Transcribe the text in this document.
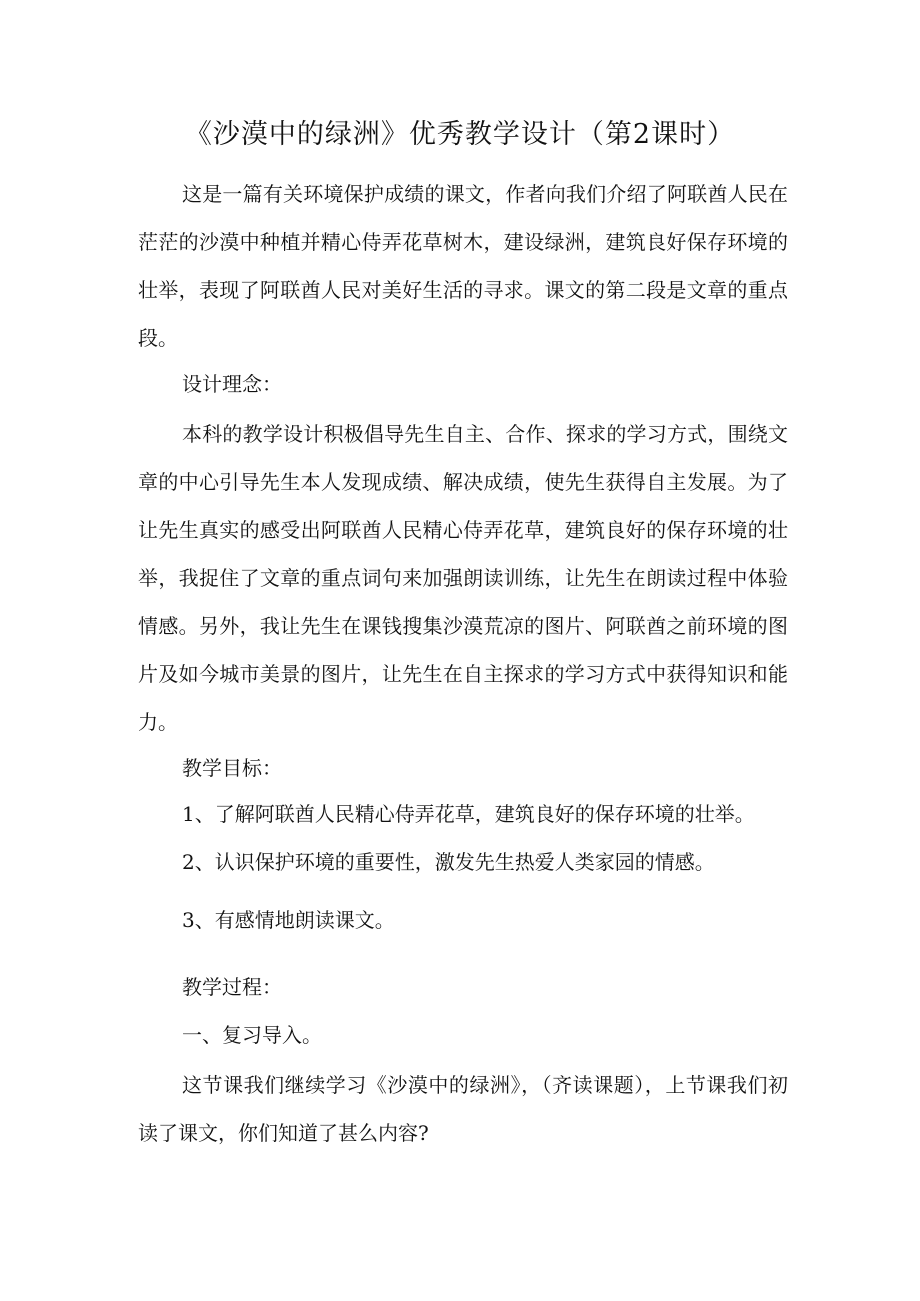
《沙漠中的绿洲》优秀教学设计（第2课时）

这是一篇有关环境保护成绩的课文，作者向我们介绍了阿联酋人民在茫茫的沙漠中种植并精心侍弄花草树木，建设绿洲，建筑良好保存环境的壮举，表现了阿联酋人民对美好生活的寻求。课文的第二段是文章的重点段。

设计理念：

本科的教学设计积极倡导先生自主、合作、探求的学习方式，围绕文章的中心引导先生本人发现成绩、解决成绩，使先生获得自主发展。为了让先生真实的感受出阿联酋人民精心侍弄花草，建筑良好的保存环境的壮举，我捉住了文章的重点词句来加强朗读训练，让先生在朗读过程中体验情感。另外，我让先生在课钱搜集沙漠荒凉的图片、阿联酋之前环境的图片及如今城市美景的图片，让先生在自主探求的学习方式中获得知识和能力。

教学目标：

1、了解阿联酋人民精心侍弄花草，建筑良好的保存环境的壮举。

2、认识保护环境的重要性，激发先生热爱人类家园的情感。

3、有感情地朗读课文。

教学过程：

一、复习导入。

这节课我们继续学习《沙漠中的绿洲》，（齐读课题），上节课我们初读了课文，你们知道了甚么内容?
